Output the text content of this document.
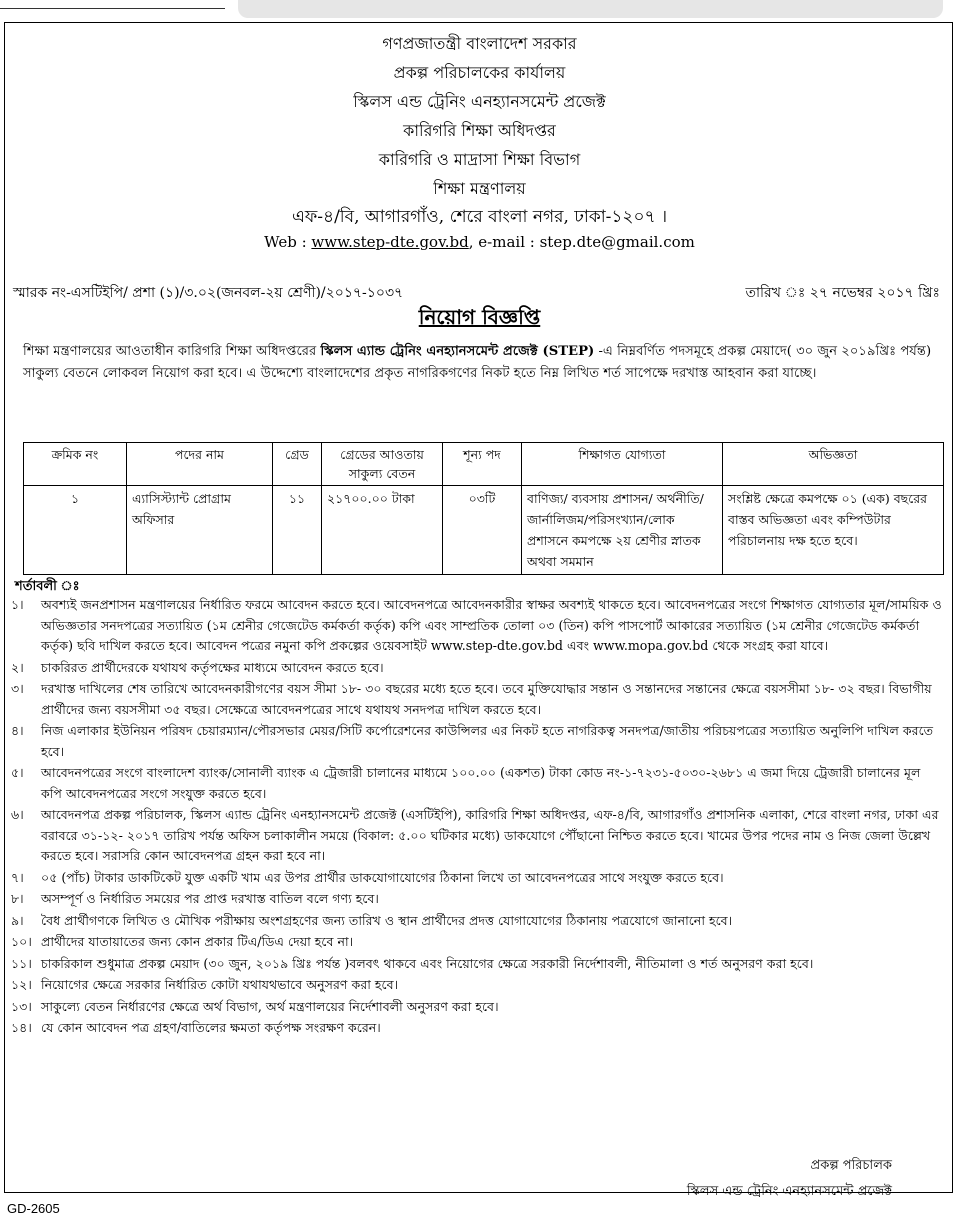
গণপ্রজাতন্ত্রী বাংলাদেশ সরকার
প্রকল্প পরিচালকের কার্যালয়
স্কিলস এন্ড ট্রেনিং এনহ্যানসমেন্ট প্রজেক্ট
কারিগরি শিক্ষা অধিদপ্তর
কারিগরি ও মাদ্রাসা শিক্ষা বিভাগ
শিক্ষা মন্ত্রণালয়
এফ-৪/বি, আগারগাঁও, শেরে বাংলা নগর, ঢাকা-১২০৭ ।
Web : www.step-dte.gov.bd, e-mail : step.dte@gmail.com
স্মারক নং-এসটিইপি/ প্রশা (১)/৩.০২(জনবল-২য় শ্রেণী)/২০১৭-১০৩৭	তারিখ ঃ ২৭ নভেম্বর ২০১৭ খ্রিঃ
নিয়োগ বিজ্ঞপ্তি
শিক্ষা মন্ত্রণালয়ের আওতাধীন কারিগরি শিক্ষা অধিদপ্তরের স্কিলস এ্যান্ড ট্রেনিং এনহ্যানসমেন্ট প্রজেক্ট (STEP) -এ নিম্নবর্ণিত পদসমূহে প্রকল্প মেয়াদে( ৩০ জুন ২০১৯খ্রিঃ পর্যন্ত) সাকুল্য বেতনে লোকবল নিয়োগ করা হবে। এ উদ্দেশ্যে বাংলাদেশের প্রকৃত নাগরিকগণের নিকট হতে নিম্ন লিখিত শর্ত সাপেক্ষে দরখাস্ত আহবান করা যাচ্ছে।
ক্রমিক নং	পদের নাম	গ্রেড	গ্রেডের আওতায় সাকুল্য বেতন	শূন্য পদ	শিক্ষাগত যোগ্যতা	অভিজ্ঞতা
১	এ্যাসিস্ট্যান্ট প্রোগ্রাম অফিসার	১১	২১৭০০.০০ টাকা	০৩টি	বাণিজ্য/ ব্যবসায় প্রশাসন/ অর্থনীতি/জার্নালিজম/পরিসংখ্যান/লোক প্রশাসনে কমপক্ষে ২য় শ্রেণীর স্নাতক অথবা সমমান	সংশ্লিষ্ট ক্ষেত্রে কমপক্ষে ০১ (এক) বছরের বাস্তব অভিজ্ঞতা এবং কম্পিউটার পরিচালনায় দক্ষ হতে হবে।
শর্তাবলী ঃ
১।	অবশ্যই জনপ্রশাসন মন্ত্রণালয়ের নির্ধারিত ফরমে আবেদন করতে হবে। আবেদনপত্রে আবেদনকারীর স্বাক্ষর অবশ্যই থাকতে হবে। আবেদনপত্রের সংগে শিক্ষাগত যোগ্যতার মূল/সাময়িক ও অভিজ্ঞতার সনদপত্রের সত্যায়িত (১ম শ্রেনীর গেজেটেড কর্মকর্তা কর্তৃক) কপি এবং সাম্প্রতিক তোলা ০৩ (তিন) কপি পাসপোর্ট আকারের সত্যায়িত (১ম শ্রেনীর গেজেটেড কর্মকর্তা কর্তৃক) ছবি দাখিল করতে হবে। আবেদন পত্রের নমুনা কপি প্রকল্পের ওয়েবসাইট www.step-dte.gov.bd এবং www.mopa.gov.bd থেকে সংগ্রহ করা যাবে।
২।	চাকরিরত প্রার্থীদেরকে যথাযথ কর্তৃপক্ষের মাধ্যমে আবেদন করতে হবে।
৩।	দরখাস্ত দাখিলের শেষ তারিখে আবেদনকারীগণের বয়স সীমা ১৮- ৩০ বছরের মধ্যে হতে হবে। তবে মুক্তিযোদ্ধার সন্তান ও সন্তানদের সন্তানের ক্ষেত্রে বয়সসীমা ১৮- ৩২ বছর। বিভাগীয় প্রার্থীদের জন্য বয়সসীমা ৩৫ বছর। সেক্ষেত্রে আবেদনপত্রের সাথে যথাযথ সনদপত্র দাখিল করতে হবে।
৪।	নিজ এলাকার ইউনিয়ন পরিষদ চেয়ারম্যান/পৌরসভার মেয়র/সিটি কর্পোরেশনের কাউন্সিলর এর নিকট হতে নাগরিকত্ব সনদপত্র/জাতীয় পরিচয়পত্রের সত্যায়িত অনুলিপি দাখিল করতে হবে।
৫।	আবেদনপত্রের সংগে বাংলাদেশ ব্যাংক/সোনালী ব্যাংক এ ট্রেজারী চালানের মাধ্যমে ১০০.০০ (একশত) টাকা কোড নং-১-৭২৩১-৫০৩০-২৬৮১ এ জমা দিয়ে ট্রেজারী চালানের মূল কপি আবেদনপত্রের সংগে সংযুক্ত করতে হবে।
৬।	আবেদনপত্র প্রকল্প পরিচালক, স্কিলস এ্যান্ড ট্রেনিং এনহ্যানসমেন্ট প্রজেক্ট (এসটিইপি), কারিগরি শিক্ষা অধিদপ্তর, এফ-৪/বি, আগারগাঁও প্রশাসনিক এলাকা, শেরে বাংলা নগর, ঢাকা এর বরাবরে ৩১-১২- ২০১৭ তারিখ পর্যন্ত অফিস চলাকালীন সময়ে (বিকাল: ৫.০০ ঘটিকার মধ্যে) ডাকযোগে পৌঁছানো নিশ্চিত করতে হবে। খামের উপর পদের নাম ও নিজ জেলা উল্লেখ করতে হবে। সরাসরি কোন আবেদনপত্র গ্রহন করা হবে না।
৭।	০৫ (পাঁচ) টাকার ডাকটিকেট যুক্ত একটি খাম এর উপর প্রার্থীর ডাকযোগাযোগের ঠিকানা লিখে তা আবেদনপত্রের সাথে সংযুক্ত করতে হবে।
৮।	অসম্পূর্ণ ও নির্ধারিত সময়ের পর প্রাপ্ত দরখাস্ত বাতিল বলে গণ্য হবে।
৯।	বৈধ প্রার্থীগণকে লিখিত ও মৌখিক পরীক্ষায় অংশগ্রহণের জন্য তারিখ ও স্থান প্রার্থীদের প্রদত্ত যোগাযোগের ঠিকানায় পত্রযোগে জানানো হবে।
১০। প্রার্থীদের যাতায়াতের জন্য কোন প্রকার টিএ/ডিএ দেয়া হবে না।
১১। চাকরিকাল শুধুমাত্র প্রকল্প মেয়াদ (৩০ জুন, ২০১৯ খ্রিঃ পর্যন্ত )বলবৎ থাকবে এবং নিয়োগের ক্ষেত্রে সরকারী নির্দেশাবলী, নীতিমালা ও শর্ত অনুসরণ করা হবে।
১২। নিয়োগের ক্ষেত্রে সরকার নির্ধারিত কোটা যথাযথভাবে অনুসরণ করা হবে।
১৩। সাকুল্যে বেতন নির্ধারণের ক্ষেত্রে অর্থ বিভাগ, অর্থ মন্ত্রণালয়ের নির্দেশাবলী অনুসরণ করা হবে।
১৪। যে কোন আবেদন পত্র গ্রহণ/বাতিলের ক্ষমতা কর্তৃপক্ষ সংরক্ষণ করেন।
প্রকল্প পরিচালক
স্কিলস এন্ড ট্রেনিং এনহ্যানসমেন্ট প্রজেক্ট
GD-2605
